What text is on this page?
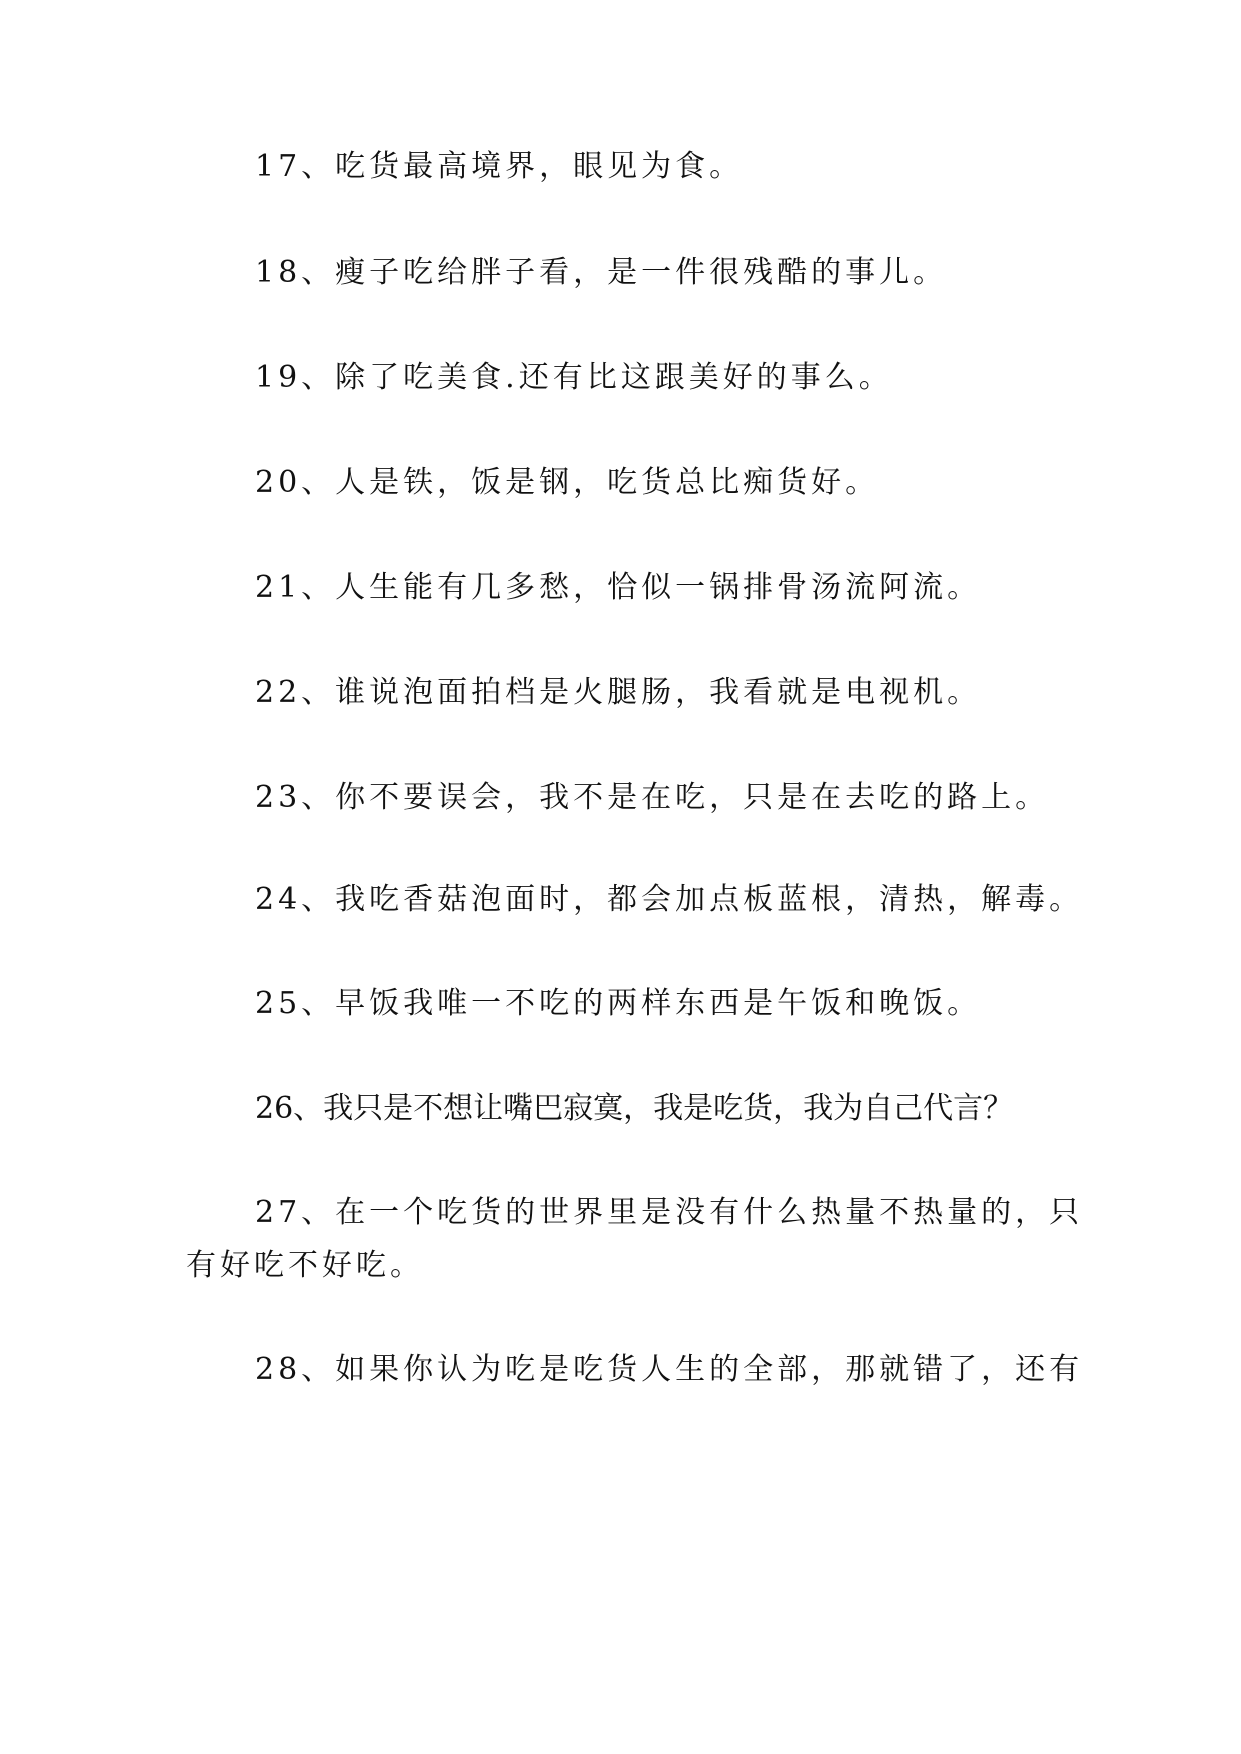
17、吃货最高境界，眼见为食。
18、瘦子吃给胖子看，是一件很残酷的事儿。
19、除了吃美食.还有比这跟美好的事么。
20、人是铁，饭是钢，吃货总比痴货好。
21、人生能有几多愁，恰似一锅排骨汤流阿流。
22、谁说泡面拍档是火腿肠，我看就是电视机。
23、你不要误会，我不是在吃，只是在去吃的路上。
24、我吃香菇泡面时，都会加点板蓝根，清热，解毒。
25、早饭我唯一不吃的两样东西是午饭和晚饭。
26、我只是不想让嘴巴寂寞，我是吃货，我为自己代言？
27、在一个吃货的世界里是没有什么热量不热量的，只
有好吃不好吃。
28、如果你认为吃是吃货人生的全部，那就错了，还有
